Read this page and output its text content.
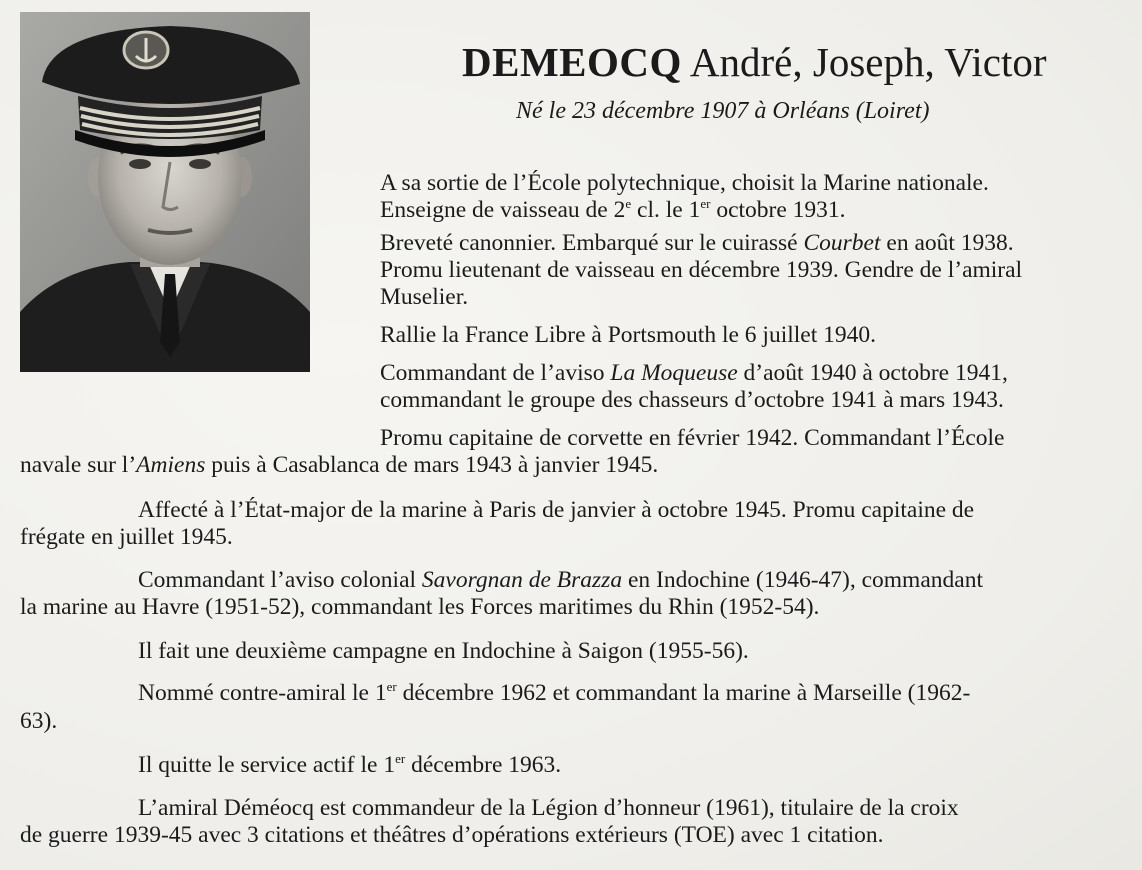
DEMEOCQ André, Joseph, Victor
Né le 23 décembre 1907 à Orléans (Loiret)
A sa sortie de l’École polytechnique, choisit la Marine nationale.
Enseigne de vaisseau de 2e cl. le 1er octobre 1931.
Breveté canonnier. Embarqué sur le cuirassé Courbet en août 1938.
Promu lieutenant de vaisseau en décembre 1939. Gendre de l’amiral
Muselier.
Rallie la France Libre à Portsmouth le 6 juillet 1940.
Commandant de l’aviso La Moqueuse d’août 1940 à octobre 1941,
commandant le groupe des chasseurs d’octobre 1941 à mars 1943.
Promu capitaine de corvette en février 1942. Commandant l’École
navale sur l’Amiens puis à Casablanca de mars 1943 à janvier 1945.
Affecté à l’État-major de la marine à Paris de janvier à octobre 1945. Promu capitaine de
frégate en juillet 1945.
Commandant l’aviso colonial Savorgnan de Brazza en Indochine (1946-47), commandant
la marine au Havre (1951-52), commandant les Forces maritimes du Rhin (1952-54).
Il fait une deuxième campagne en Indochine à Saigon (1955-56).
Nommé contre-amiral le 1er décembre 1962 et commandant la marine à Marseille (1962-
63).
Il quitte le service actif le 1er décembre 1963.
L’amiral Déméocq est commandeur de la Légion d’honneur (1961), titulaire de la croix
de guerre 1939-45 avec 3 citations et théâtres d’opérations extérieurs (TOE) avec 1 citation.
